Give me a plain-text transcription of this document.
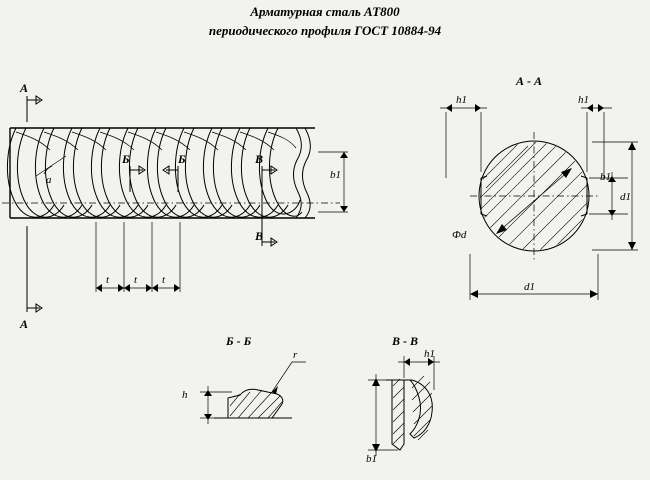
Арматурная сталь АТ800
периодического профиля ГОСТ 10884-94
a
А
А
Б	Б	В
В
t t t
b1
А - А
Фd
h1	h1
b1
d1
d1
Б - Б
h
r
В - В
h1
b1
